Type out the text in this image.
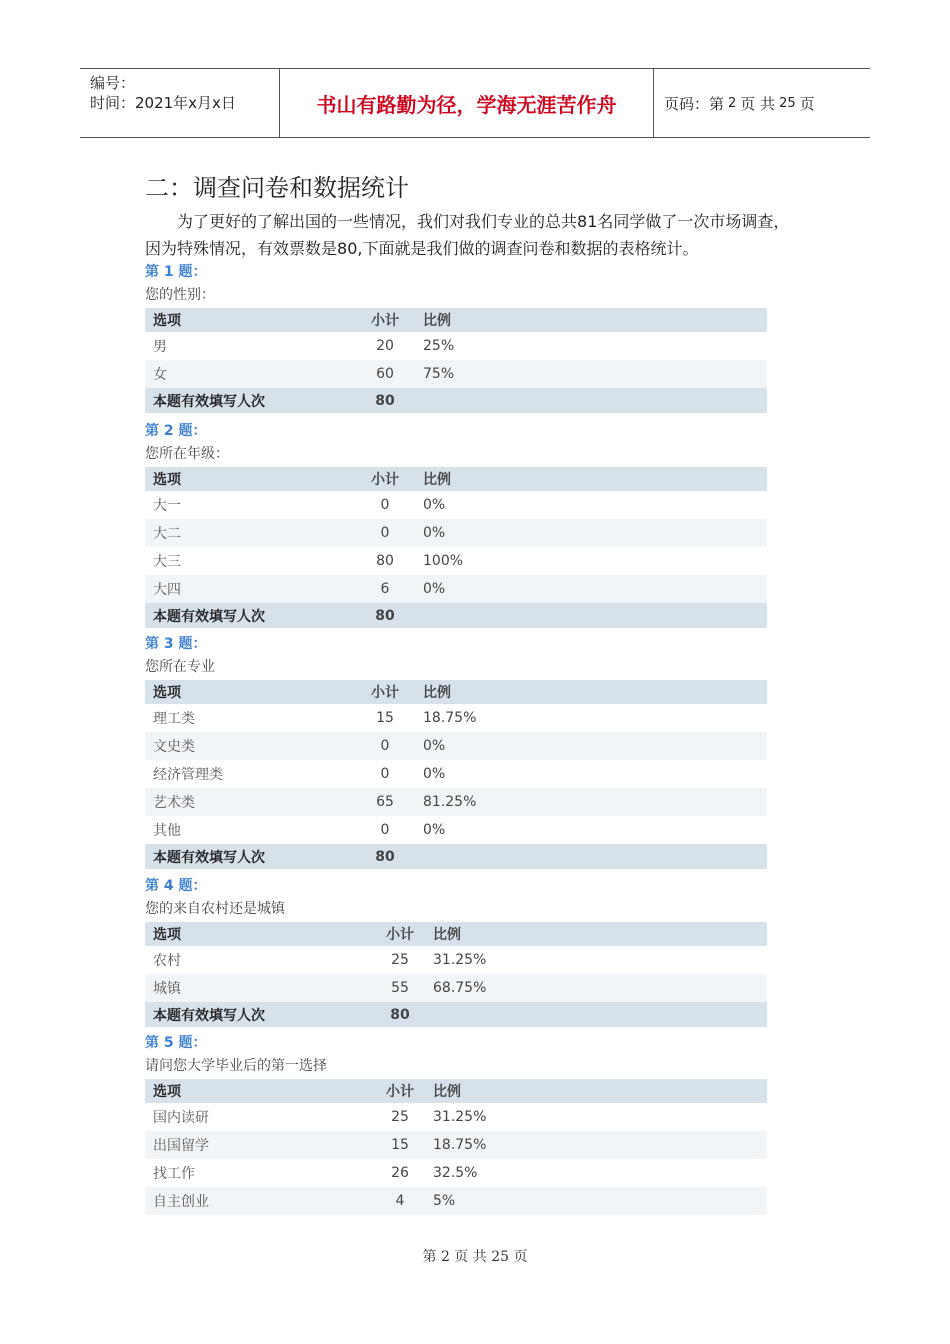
编号：
时间：2021年x月x日	书山有路勤为径，学海无涯苦作舟	页码：第 2 页 共 25 页
二：调查问卷和数据统计
  为了更好的了解出国的一些情况，我们对我们专业的总共81名同学做了一次市场调查，因为特殊情况，有效票数是80,下面就是我们做的调查问卷和数据的表格统计。
第 1 题：
您的性别：
选项	小计	比例
男	20	25%
女	60	75%
本题有效填写人次	80	
第 2 题：
您所在年级：
选项	小计	比例
大一	0	0%
大二	0	0%
大三	80	100%
大四	6	0%
本题有效填写人次	80	
第 3 题：
您所在专业
选项	小计	比例
理工类	15	18.75%
文史类	0	0%
经济管理类	0	0%
艺术类	65	81.25%
其他	0	0%
本题有效填写人次	80	
第 4 题：
您的来自农村还是城镇
选项	小计	比例
农村	25	31.25%
城镇	55	68.75%
本题有效填写人次	80	
第 5 题：
请问您大学毕业后的第一选择
选项	小计	比例
国内读研	25	31.25%
出国留学	15	18.75%
找工作	26	32.5%
自主创业	4	5%
第 2 页 共 25 页
